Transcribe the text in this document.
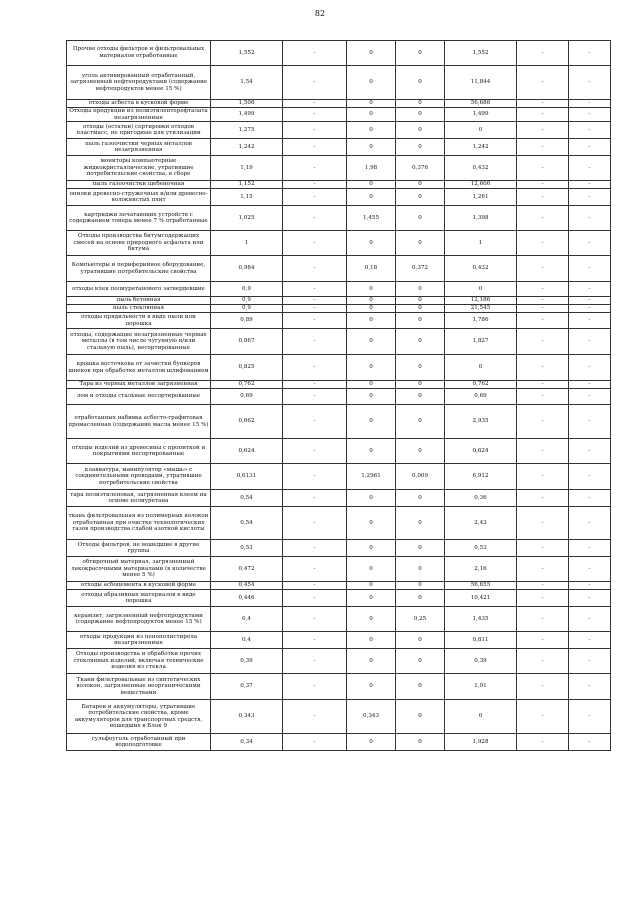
82
Прочие отходы фильтров и фильтровальных материалов отработанные	1,552	-	0	0	1,552	-	-
уголь активированный отработанный, загрязненный нефтепродуктами (содержание нефтепродуктов менее 15 %)	1,54	-	0	0	11,844	-	-
отходы асбеста в кусковой форме	1,506	-	0	0	56,686	-	-
Отходы продукции из полиэтилентерефталата незагрязненные	1,499	-	0	0	1,499	-	-
отходы (остатки) сортировки отходов пластмасс, не пригодные для утилизации	1,275	-	0	0	0	-	-
пыль газоочистки черных металлов незагрязненная	1,242	-	0	0	1,242	-	-
мониторы компьютерные жидкокристаллические, утратившие потребительские свойства, в сборе	1,19	-	1,98	0,376	0,432	-	-
пыль газоочистки щебеночная	1,152	-	0	0	12,606	-	-
опилки древесно-стружечных и/или древесно-волокнистых плит	1,15	-	0	0	1,261	-	-
картриджи печатающих устройств с содержанием тонера менее 7 % отработанные	1,025	-	1,455	0	1,398	-	-
Отходы производства битумсодержащих смесей на основе природного асфальта или битума	1	-	0	0	1	-	-
Компьютеры и периферийное оборудование, утратившие потребительские свойства	0,984	-	0,18	0,372	0,432	-	-
отходы клея полиуретанового затвердевшие	0,9	-	0	0	0	-	-
пыль бетонная	0,9	-	0	0	12,186	-	-
пыль стеклянная	0,9	-	0	0	21,545	-	-
отходы прядильности в виде пыли или порошка	0,89	-	0	0	1,786	-	-
отходы, содержащие незагрязненные черные металлы (в том числе чугунную и/или стальную пыль), несортированные	0,867	-	0	0	1,827	-	-
крошка восточкова от зачистки бункеров шнеков при обработке металлов шлифованием	0,825	-	0	0	0	-	-
Тара из черных металлов загрязненная	0,762	-	0	0	0,762	-	-
лом и отходы стальные несортированные	0,69	-	0	0	0,69	-	-
отработанных набивка асбесто-графитовая промасленная (содержание масла менее 15 %)	0,662	-	0	0	2,935	-	-
отходы изделий из древесины с пропиткой и покрытиями несортированные	0,624	-	0	0	0,624	-	-
клавиатура, манипулятор «мышь» с соединительными проводами, утратившие потребительские свойства	0,6131	-	1,2961	0,009	6,912	-	-
тара полиэтиленовая, загрязненная клеем на основе полиуретана	0,54	-	0	0	0,36	-	-
ткань фильтровальная из полимерных волокон отработанная при очистке технологических газов производства слабой азотной кислоты	0,54	-	0	0	2,43	-	-
Отходы фильтров, не вошедшие в другие группы	0,53	-	0	0	0,53	-	-
обтирочный материал, загрязненный лакокрасочными материалами (в количестве менее 5 %)	0,472	-	0	0	2,16	-	-
отходы асбоцемента в кусковой форме	0,454	-	0	0	56,655	-	-
отходы абразивных материалов в виде порошка	0,446	-	0	0	10,421	-	-
керамзит, загрязненный нефтепродуктами (содержание нефтепродуктов менее 15 %)	0,4	-	0	0,25	1,435	-	-
отходы продукции из пенополистирола незагрязненные	0,4	-	0	0	0,811	-	-
Отходы производства и обработки прочих стеклянных изделий, включая технические изделия из стекла	0,39	-	0	0	0,39	-	-
Ткани фильтровальные из синтетических волокон, загрязненные неорганическими веществами	0,37	-	0	0	1,91	-	-
Батареи и аккумуляторы, утратившие потребительские свойства, кроме аккумуляторов для транспортных средств, вошедших в Блок 9	0,343	-	0,343	0	0	-	-
сульфоуголь отработанный при водоподготовке	0,34	-	0	0	1,928	-	-
